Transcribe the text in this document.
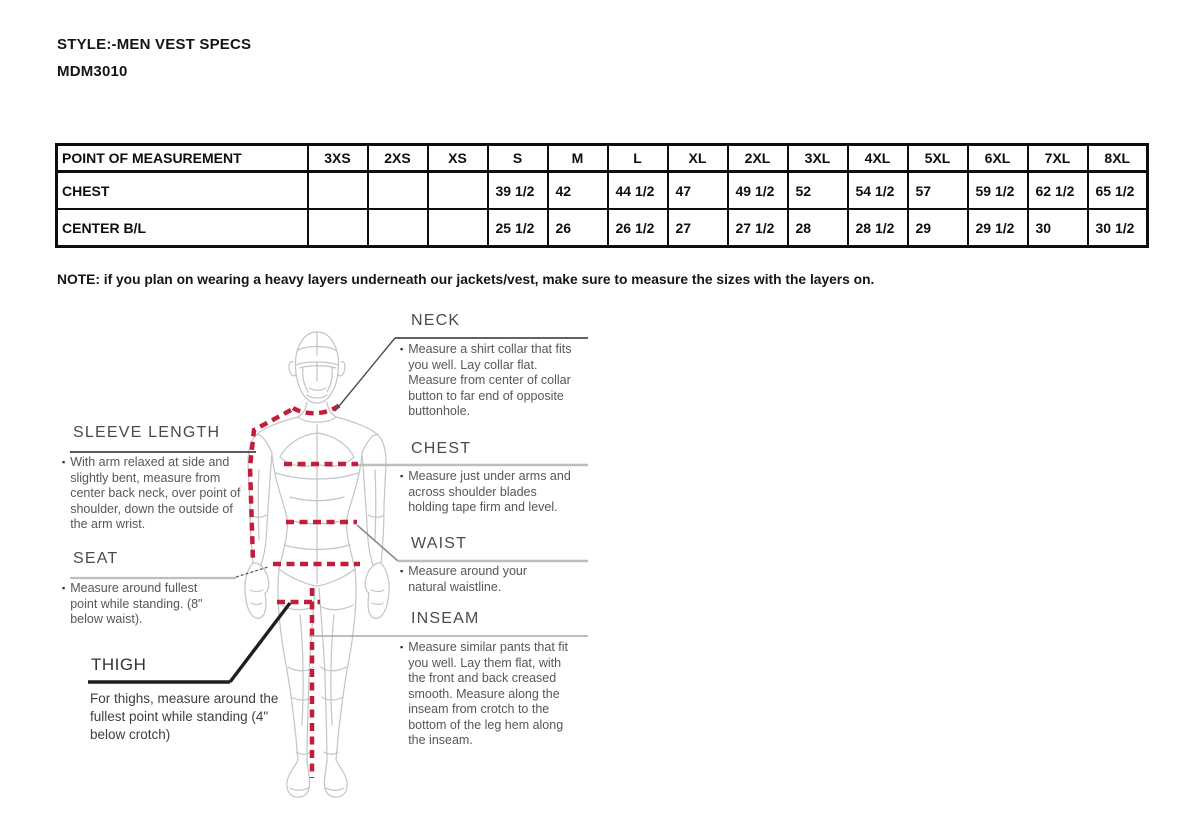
STYLE:-MEN VEST SPECS
MDM3010
POINT OF MEASUREMENT	3XS	2XS	XS	S	M	L	XL	2XL	3XL	4XL	5XL	6XL	7XL	8XL
CHEST				39 1/2	42	44 1/2	47	49 1/2	52	54 1/2	57	59 1/2	62 1/2	65 1/2
CENTER B/L				25 1/2	26	26 1/2	27	27 1/2	28	28 1/2	29	29 1/2	30	30 1/2
NOTE: if you plan on wearing a heavy layers underneath our jackets/vest, make sure to measure the sizes with the layers on.
NECK
▪ Measure a shirt collar that fits you well. Lay collar flat. Measure from center of collar button to far end of opposite buttonhole.
CHEST
▪ Measure just under arms and across shoulder blades holding tape firm and level.
WAIST
▪ Measure around your natural waistline.
INSEAM
▪ Measure similar pants that fit you well. Lay them flat, with the front and back creased smooth. Measure along the inseam from crotch to the bottom of the leg hem along the inseam.
SLEEVE LENGTH
▪ With arm relaxed at side and slightly bent, measure from center back neck, over point of shoulder, down the outside of the arm wrist.
SEAT
▪ Measure around fullest point while standing. (8" below waist).
THIGH
For thighs, measure around the fullest point while standing (4" below crotch)
